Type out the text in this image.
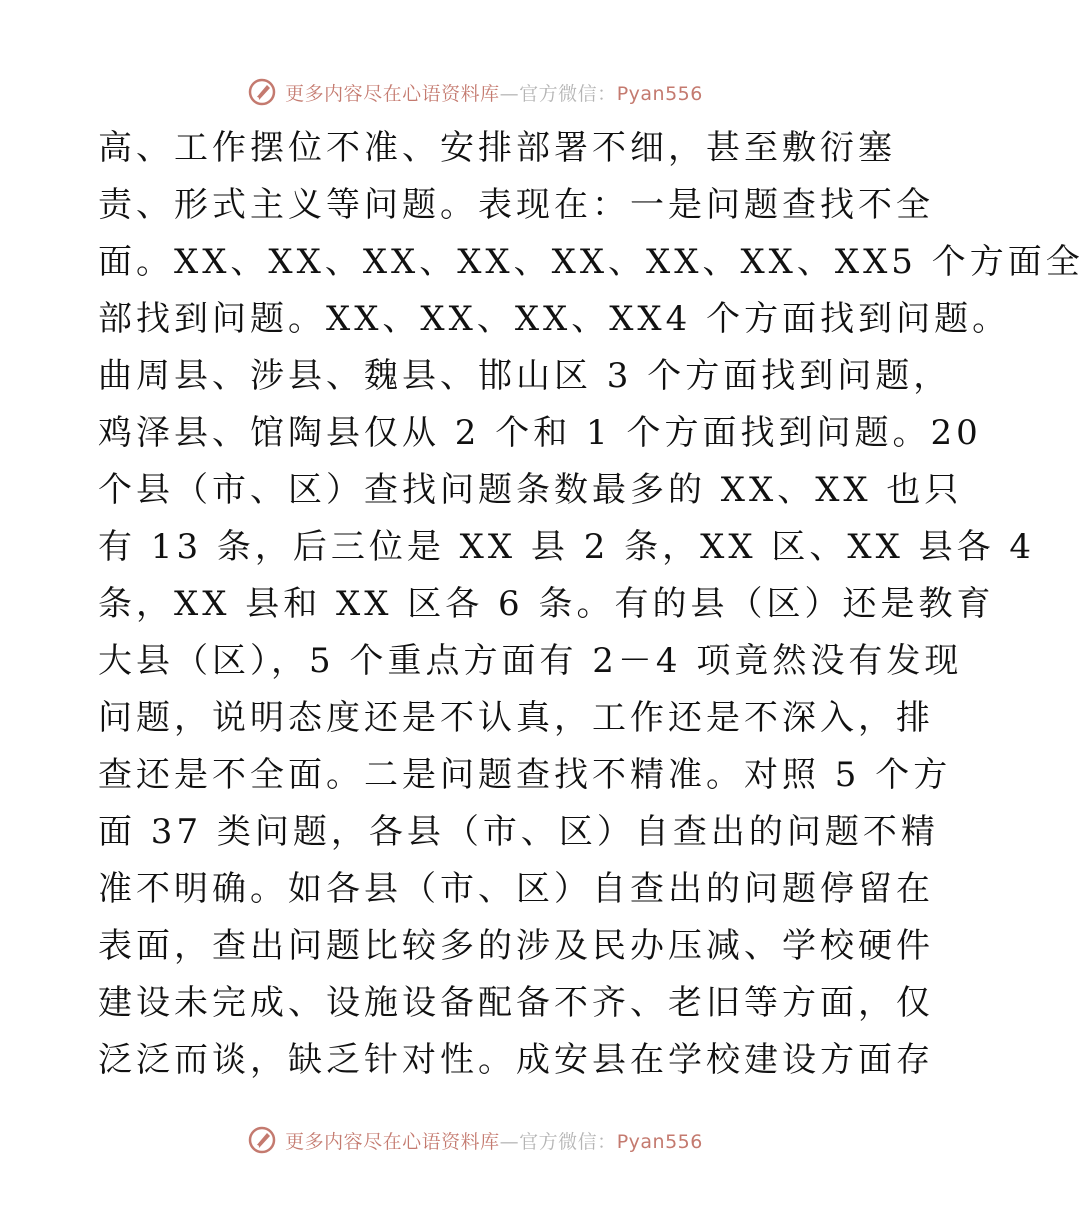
更多内容尽在心语资料库—官方微信：Pyan556
高、工作摆位不准、安排部署不细，甚至敷衍塞
责、形式主义等问题。表现在：一是问题查找不全
面。XX、XX、XX、XX、XX、XX、XX、XX5 个方面全
部找到问题。XX、XX、XX、XX4 个方面找到问题。
曲周县、涉县、魏县、邯山区 3 个方面找到问题，
鸡泽县、馆陶县仅从 2 个和 1 个方面找到问题。20
个县（市、区）查找问题条数最多的 XX、XX 也只
有 13 条，后三位是 XX 县 2 条，XX 区、XX 县各 4
条，XX 县和 XX 区各 6 条。有的县（区）还是教育
大县（区），5 个重点方面有 2－4 项竟然没有发现
问题，说明态度还是不认真，工作还是不深入，排
查还是不全面。二是问题查找不精准。对照 5 个方
面 37 类问题，各县（市、区）自查出的问题不精
准不明确。如各县（市、区）自查出的问题停留在
表面，查出问题比较多的涉及民办压减、学校硬件
建设未完成、设施设备配备不齐、老旧等方面，仅
泛泛而谈，缺乏针对性。成安县在学校建设方面存
更多内容尽在心语资料库—官方微信：Pyan556
